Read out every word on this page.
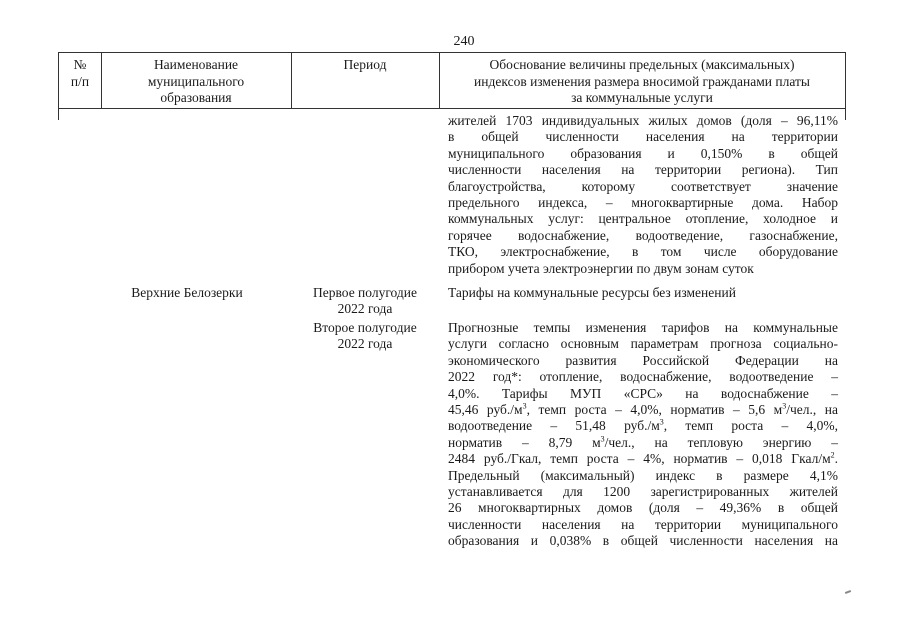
240
№
п/п
Наименование
муниципального
образования
Период	Обоснование величины предельных (максимальных)
индексов изменения размера вносимой гражданами платы
за коммунальные услуги
жителей 1703 индивидуальных жилых домов (доля – 96,11%
в общей численности населения на территории
муниципального образования и 0,150% в общей
численности населения на территории региона). Тип
благоустройства, которому соответствует значение
предельного индекса, – многоквартирные дома. Набор
коммунальных услуг: центральное отопление, холодное и
горячее водоснабжение, водоотведение, газоснабжение,
ТКО, электроснабжение, в том числе оборудование
прибором учета электроэнергии по двум зонам суток
Верхние Белозерки	Первое полугодие
2022 года
Тарифы на коммунальные ресурсы без изменений
Второе полугодие
2022 года
Прогнозные темпы изменения тарифов на коммунальные
услуги согласно основным параметрам прогноза социально-
экономического развития Российской Федерации на
2022 год*: отопление, водоснабжение, водоотведение –
4,0%. Тарифы МУП «СРС» на водоснабжение –
45,46 $руб./м^3$, темп роста – 4,0%, норматив – 5,6 $м^3$/чел., на
водоотведение – 51,48 $руб./м^3$, темп роста – 4,0%,
норматив – 8,79 $м^3$/чел., на тепловую энергию –
2484 руб./Гкал, темп роста – 4%, норматив – 0,018 Гкал/$м^2$.
Предельный (максимальный) индекс в размере 4,1%
устанавливается для 1200 зарегистрированных жителей
26 многоквартирных домов (доля – 49,36% в общей
численности населения на территории муниципального
образования и 0,038% в общей численности населения на
